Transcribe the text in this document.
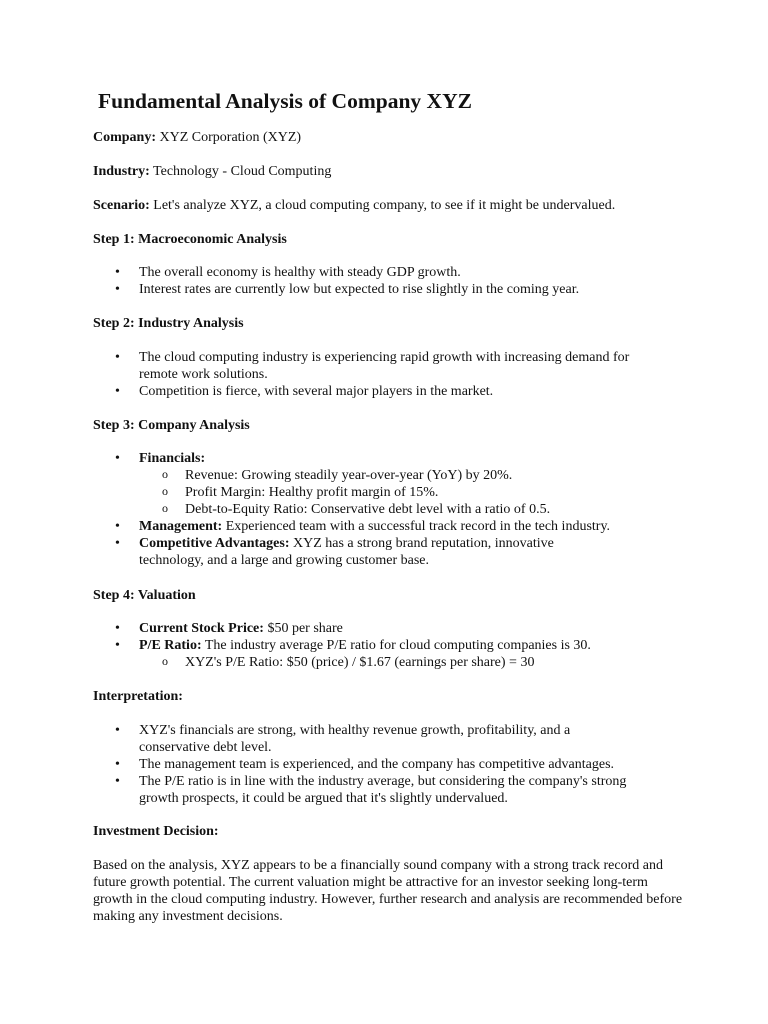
Fundamental Analysis of Company XYZ

Company: XYZ Corporation (XYZ)

Industry: Technology - Cloud Computing

Scenario: Let's analyze XYZ, a cloud computing company, to see if it might be undervalued.

Step 1: Macroeconomic Analysis

• The overall economy is healthy with steady GDP growth.
• Interest rates are currently low but expected to rise slightly in the coming year.

Step 2: Industry Analysis

• The cloud computing industry is experiencing rapid growth with increasing demand for remote work solutions.
• Competition is fierce, with several major players in the market.

Step 3: Company Analysis

• Financials:
o Revenue: Growing steadily year-over-year (YoY) by 20%.
o Profit Margin: Healthy profit margin of 15%.
o Debt-to-Equity Ratio: Conservative debt level with a ratio of 0.5.
• Management: Experienced team with a successful track record in the tech industry.
• Competitive Advantages: XYZ has a strong brand reputation, innovative technology, and a large and growing customer base.

Step 4: Valuation

• Current Stock Price: $50 per share
• P/E Ratio: The industry average P/E ratio for cloud computing companies is 30.
o XYZ's P/E Ratio: $50 (price) / $1.67 (earnings per share) = 30

Interpretation:

• XYZ's financials are strong, with healthy revenue growth, profitability, and a conservative debt level.
• The management team is experienced, and the company has competitive advantages.
• The P/E ratio is in line with the industry average, but considering the company's strong growth prospects, it could be argued that it's slightly undervalued.

Investment Decision:

Based on the analysis, XYZ appears to be a financially sound company with a strong track record and future growth potential. The current valuation might be attractive for an investor seeking long-term growth in the cloud computing industry. However, further research and analysis are recommended before making any investment decisions.
